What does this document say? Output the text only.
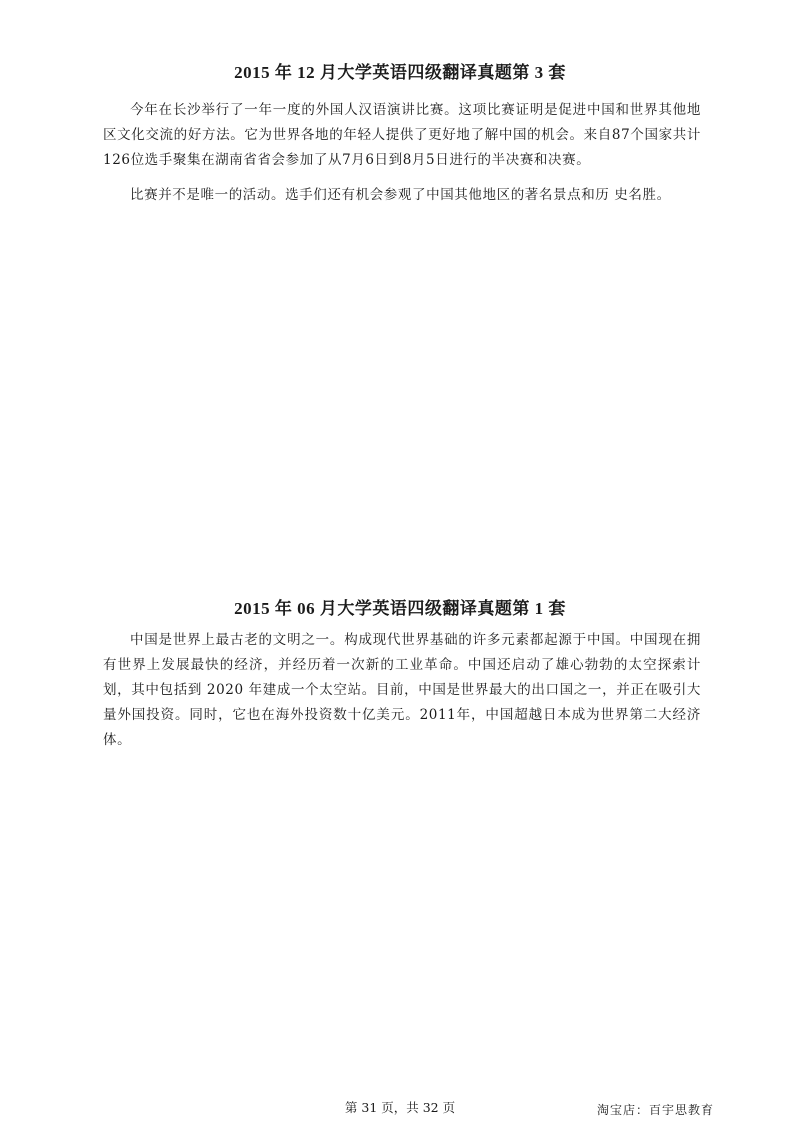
2015 年 12 月大学英语四级翻译真题第 3 套

今年在长沙举行了一年一度的外国人汉语演讲比赛。这项比赛证明是促进中国和世界其他地区文化交流的好方法。它为世界各地的年轻人提供了更好地了解中国的机会。来自87个国家共计126位选手聚集在湖南省省会参加了从7月6日到8月5日进行的半决赛和决赛。

比赛并不是唯一的活动。选手们还有机会参观了中国其他地区的著名景点和历 史名胜。

2015 年 06 月大学英语四级翻译真题第 1 套

中国是世界上最古老的文明之一。构成现代世界基础的许多元素都起源于中国。中国现在拥有世界上发展最快的经济，并经历着一次新的工业革命。中国还启动了雄心勃勃的太空探索计划，其中包括到 2020 年建成一个太空站。目前，中国是世界最大的出口国之一，并正在吸引大量外国投资。同时，它也在海外投资数十亿美元。2011年，中国超越日本成为世界第二大经济体。

第 31 页，共 32 页	淘宝店：百宇思教育
